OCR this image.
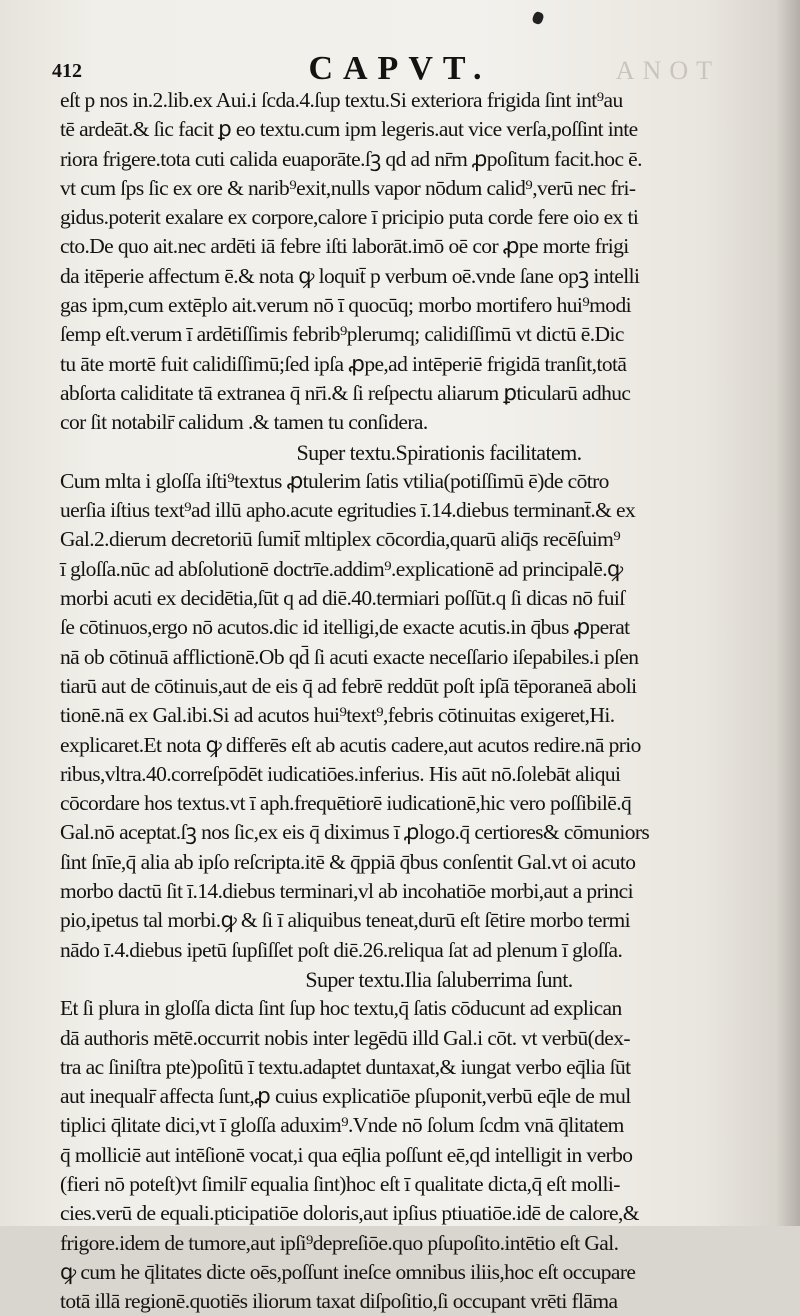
412	CAPVT.	ANOT
eſt p nos in.2.lib.ex Aui.i ſcda.4.ſup textu.Si exteriora frigida ſint int⁹au
tē ardeāt.& ſic facit ꝑ eo textu.cum ipm legeris.aut vice verſa,poſſint inte
riora frigere.tota cuti calida euaporāte.ſꝫ qd ad nr̄m ꝓpoſitum facit.hoc ē.
vt cum ſps ſic ex ore & narib⁹exit,nulls vapor nōdum calid⁹,verū nec fri-
gidus.poterit exalare ex corpore,calore ī pricipio puta corde fere oio ex ti
cto.De quo ait.nec ardēti iā febre iſti laborāt.imō oē cor ꝓpe morte frigi
da itēperie affectum ē.& nota ꝙ loquit̄ p verbum oē.vnde ſane opꝫ intelli
gas ipm,cum extēplo ait.verum nō ī quocūq; morbo mortifero hui⁹modi
ſemp eſt.verum ī ardētiſſimis febrib⁹plerumq; calidiſſimū vt dictū ē.Dic
tu āte mortē fuit calidiſſimū;ſed ipſa ꝓpe,ad intēperiē frigidā tranſit,totā
abſorta caliditate tā extranea q̄ nr̄i.& ſi reſpectu aliarum ꝑticularū adhuc
cor ſit notabilr̄ calidum .& tamen tu conſidera.
Super textu.Spirationis facilitatem.
Cum mlta i gloſſa iſti⁹textus ꝓtulerim ſatis vtilia(potiſſimū ē)de cōtro
uerſia iſtius text⁹ad illū apho.acute egritudies ī.14.diebus terminant̄.& ex
Gal.2.dierum decretoriū ſumit̄ mltiplex cōcordia,quarū aliq̄s recēſuim⁹
ī gloſſa.nūc ad abſolutionē doctrīe.addim⁹.explicationē ad principalē.ꝙ
morbi acuti ex decidētia,ſūt q ad diē.40.termiari poſſūt.q ſi dicas nō fuiſ
ſe cōtinuos,ergo nō acutos.dic id itelligi,de exacte acutis.in q̄bus ꝓperat
nā ob cōtinuā afflictionē.Ob qd̄ ſi acuti exacte neceſſario iſepabiles.i pſen
tiarū aut de cōtinuis,aut de eis q̄ ad febrē reddūt poſt ipſā tēporaneā aboli
tionē.nā ex Gal.ibi.Si ad acutos hui⁹text⁹,febris cōtinuitas exigeret,Hi.
explicaret.Et nota ꝙ differēs eſt ab acutis cadere,aut acutos redire.nā prio
ribus,vltra.40.correſpōdēt iudicatiōes.inferius. His aūt nō.ſolebāt aliqui
cōcordare hos textus.vt ī aph.frequētiorē iudicationē,hic vero poſſibilē.q̄
Gal.nō aceptat.ſꝫ nos ſic,ex eis q̄ diximus ī ꝓlogo.q̄ certiores& cōmuniors
ſint ſnīe,q̄ alia ab ipſo reſcripta.itē & q̄ppiā q̄bus conſentit Gal.vt oi acuto
morbo dactū ſit ī.14.diebus terminari,vl ab incohatiōe morbi,aut a princi
pio,ipetus tal morbi.ꝙ & ſi ī aliquibus teneat,durū eſt ſētire morbo termi
nādo ī.4.diebus ipetū ſupſiſſet poſt diē.26.reliqua ſat ad plenum ī gloſſa.
Super textu.Ilia ſaluberrima ſunt.
Et ſi plura in gloſſa dicta ſint ſup hoc textu,q̄ ſatis cōducunt ad explican
dā authoris mētē.occurrit nobis inter legēdū illd Gal.i cōt. vt verbū(dex-
tra ac ſiniſtra pte)poſitū ī textu.adaptet duntaxat,& iungat verbo eq̄lia ſūt
aut inequalr̄ affecta ſunt,ꝓ cuius explicatiōe pſuponit,verbū eq̄le de mul
tiplici q̄litate dici,vt ī gloſſa aduxim⁹.Vnde nō ſolum ſcdm vnā q̄litatem
q̄ molliciē aut intēſionē vocat,i qua eq̄lia poſſunt eē,qd intelligit in verbo
(fieri nō poteſt)vt ſimilr̄ equalia ſint)hoc eſt ī qualitate dicta,q̄ eſt molli-
cies.verū de equali.pticipatiōe doloris,aut ipſius ptiuatiōe.idē de calore,&
frigore.idem de tumore,aut ipſi⁹depreſiōe.quo pſupoſito.intētio eſt Gal.
ꝙ cum he q̄litates dicte oēs,poſſunt ineſce omnibus iliis,hoc eſt occupare
totā illā regionē.quotiēs iliorum taxat diſpoſitio,ſi occupant vrēti flāma
